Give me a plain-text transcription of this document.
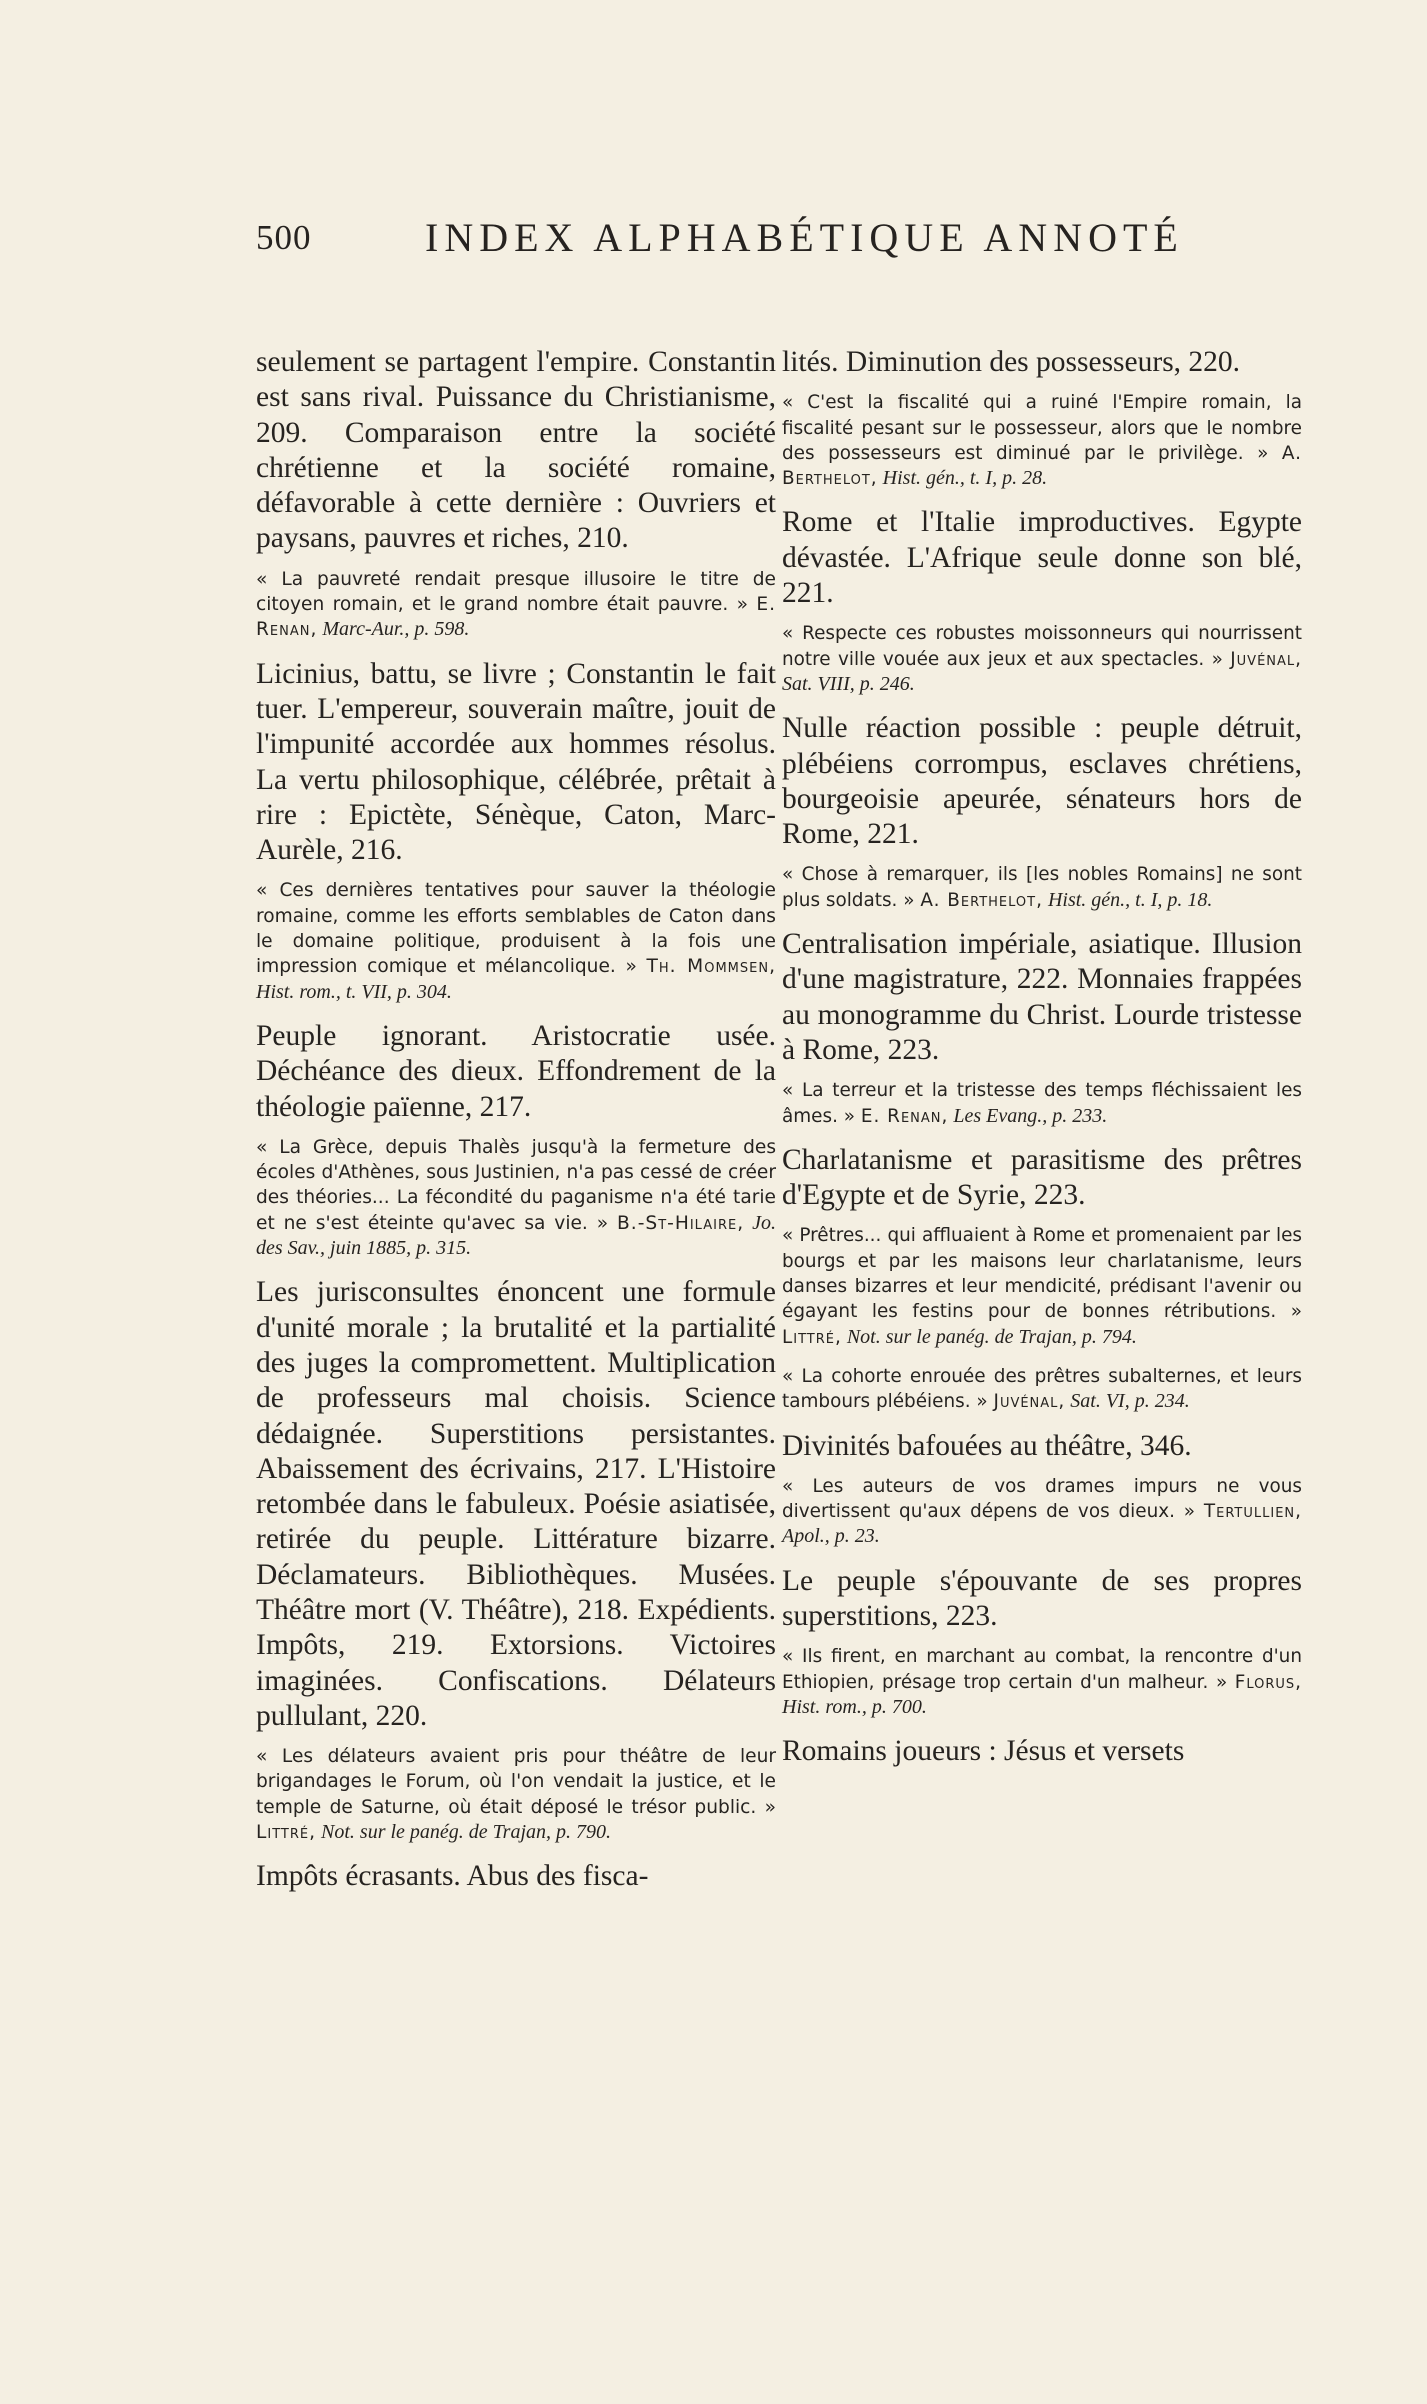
500	INDEX ALPHABÉTIQUE ANNOTÉ

seulement se partagent l'empire. Constantin est sans rival. Puissance du Christianisme, 209. Comparaison entre la société chrétienne et la société romaine, défavorable à cette dernière : Ouvriers et paysans, pauvres et riches, 210.

« La pauvreté rendait presque illusoire le titre de citoyen romain, et le grand nombre était pauvre. » E. Renan, Marc-Aur., p. 598.

Licinius, battu, se livre ; Constantin le fait tuer. L'empereur, souverain maître, jouit de l'impunité accordée aux hommes résolus. La vertu philosophique, célébrée, prêtait à rire : Epictète, Sénèque, Caton, Marc-Aurèle, 216.

« Ces dernières tentatives pour sauver la théologie romaine, comme les efforts semblables de Caton dans le domaine politique, produisent à la fois une impression comique et mélancolique. » Th. Mommsen, Hist. rom., t. VII, p. 304.

Peuple ignorant. Aristocratie usée. Déchéance des dieux. Effondrement de la théologie païenne, 217.

« La Grèce, depuis Thalès jusqu'à la fermeture des écoles d'Athènes, sous Justinien, n'a pas cessé de créer des théories... La fécondité du paganisme n'a été tarie et ne s'est éteinte qu'avec sa vie. » B.-St-Hilaire, Jo. des Sav., juin 1885, p. 315.

Les jurisconsultes énoncent une formule d'unité morale ; la brutalité et la partialité des juges la compromettent. Multiplication de professeurs mal choisis. Science dédaignée. Superstitions persistantes. Abaissement des écrivains, 217. L'Histoire retombée dans le fabuleux. Poésie asiatisée, retirée du peuple. Littérature bizarre. Déclamateurs. Bibliothèques. Musées. Théâtre mort (V. Théâtre), 218. Expédients. Impôts, 219. Extorsions. Victoires imaginées. Confiscations. Délateurs pullulant, 220.

« Les délateurs avaient pris pour théâtre de leur brigandages le Forum, où l'on vendait la justice, et le temple de Saturne, où était déposé le trésor public. » Littré, Not. sur le panég. de Trajan, p. 790.

Impôts écrasants. Abus des fisca-

lités. Diminution des possesseurs, 220.

« C'est la fiscalité qui a ruiné l'Empire romain, la fiscalité pesant sur le possesseur, alors que le nombre des possesseurs est diminué par le privilège. » A. Berthelot, Hist. gén., t. I, p. 28.

Rome et l'Italie improductives. Egypte dévastée. L'Afrique seule donne son blé, 221.

« Respecte ces robustes moissonneurs qui nourrissent notre ville vouée aux jeux et aux spectacles. » Juvénal, Sat. VIII, p. 246.

Nulle réaction possible : peuple détruit, plébéiens corrompus, esclaves chrétiens, bourgeoisie apeurée, sénateurs hors de Rome, 221.

« Chose à remarquer, ils [les nobles Romains] ne sont plus soldats. » A. Berthelot, Hist. gén., t. I, p. 18.

Centralisation impériale, asiatique. Illusion d'une magistrature, 222. Monnaies frappées au monogramme du Christ. Lourde tristesse à Rome, 223.

« La terreur et la tristesse des temps fléchissaient les âmes. » E. Renan, Les Evang., p. 233.

Charlatanisme et parasitisme des prêtres d'Egypte et de Syrie, 223.

« Prêtres... qui affluaient à Rome et promenaient par les bourgs et par les maisons leur charlatanisme, leurs danses bizarres et leur mendicité, prédisant l'avenir ou égayant les festins pour de bonnes rétributions. » Littré, Not. sur le panég. de Trajan, p. 794.

« La cohorte enrouée des prêtres subalternes, et leurs tambours plébéiens. » Juvénal, Sat. VI, p. 234.

Divinités bafouées au théâtre, 346.

« Les auteurs de vos drames impurs ne vous divertissent qu'aux dépens de vos dieux. » Tertullien, Apol., p. 23.

Le peuple s'épouvante de ses propres superstitions, 223.

« Ils firent, en marchant au combat, la rencontre d'un Ethiopien, présage trop certain d'un malheur. » Florus, Hist. rom., p. 700.

Romains joueurs : Jésus et versets
